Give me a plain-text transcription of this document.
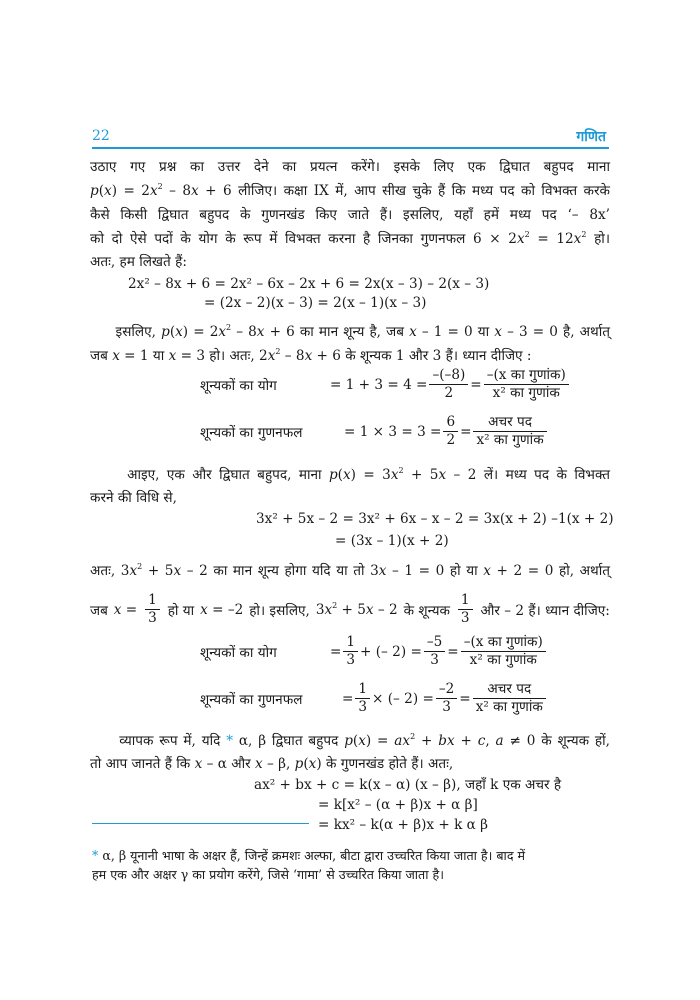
22	गणित
उठाए गए प्रश्न का उत्तर देने का प्रयत्न करेंगे। इसके लिए एक द्विघात बहुपद माना
$p(x) = 2x^2 - 8x + 6$ लीजिए। कक्षा IX में, आप सीख चुके हैं कि मध्य पद को विभक्त करके
कैसे किसी द्विघात बहुपद के गुणनखंड किए जाते हैं। इसलिए, यहाँ हमें मध्य पद ‘– 8x’
को दो ऐसे पदों के योग के रूप में विभक्त करना है जिनका गुणनफल $6 \times 2x^2 = 12x^2$ हो।
अतः, हम लिखते हैं:
2x² – 8x + 6 = 2x² – 6x – 2x + 6 = 2x(x – 3) – 2(x – 3)
= (2x – 2)(x – 3) = 2(x – 1)(x – 3)
इसलिए, $p(x) = 2x^2 - 8x + 6$ का मान शून्य है, जब x – 1 = 0 या x – 3 = 0 है, अर्थात्
जब x = 1 या x = 3 हो। अतः, $2x^2 - 8x + 6$ के शून्यक 1 और 3 हैं। ध्यान दीजिए :
शून्यकों का योग	= $1 + 3 = 4 = \frac{-(-8)}{2} = \frac{\text{–(x का गुणांक)}}{\text{x² का गुणांक}}$
शून्यकों का गुणनफल	= $1 \times 3 = 3 = \frac{6}{2} = \frac{\text{अचर पद}}{\text{x² का गुणांक}}$
आइए, एक और द्विघात बहुपद, माना $p(x) = 3x^2 + 5x - 2$ लें। मध्य पद के विभक्त
करने की विधि से,
3x² + 5x – 2 = 3x² + 6x – x – 2 = 3x(x + 2) –1(x + 2)
= (3x – 1)(x + 2)
अतः, $3x^2 + 5x - 2$ का मान शून्य होगा यदि या तो 3x – 1 = 0 हो या x + 2 = 0 हो, अर्थात्
जब $x = \frac{1}{3}$ हो या x = –2 हो। इसलिए, $3x^2 + 5x - 2$ के शून्यक $\frac{1}{3}$ और – 2 हैं। ध्यान दीजिए:
शून्यकों का योग	= $\frac{1}{3}$ + (– $2) = \frac{-5}{3} = \frac{\text{–(x का गुणांक)}}{\text{x² का गुणांक}}$
शून्यकों का गुणनफल	= $\frac{1}{3}$ × (– $2) = \frac{-2}{3} = \frac{\text{अचर पद}}{\text{x² का गुणांक}}$
व्यापक रूप में, यदि * α, β द्विघात बहुपद $p(x) = ax^2$ + bx + c, a ≠ 0 के शून्यक हों,
तो आप जानते हैं कि x – α और x – β, p(x) के गुणनखंड होते हैं। अतः,
ax² + bx + c = k(x – α) (x – β), जहाँ k एक अचर है
= k[x² – (α + β)x + α β]
= kx² – k(α + β)x + k α β
* α, β यूनानी भाषा के अक्षर हैं, जिन्हें क्रमशः अल्फा, बीटा द्वारा उच्चरित किया जाता है। बाद में
हम एक और अक्षर γ का प्रयोग करेंगे, जिसे ‘गामा’ से उच्चरित किया जाता है।
